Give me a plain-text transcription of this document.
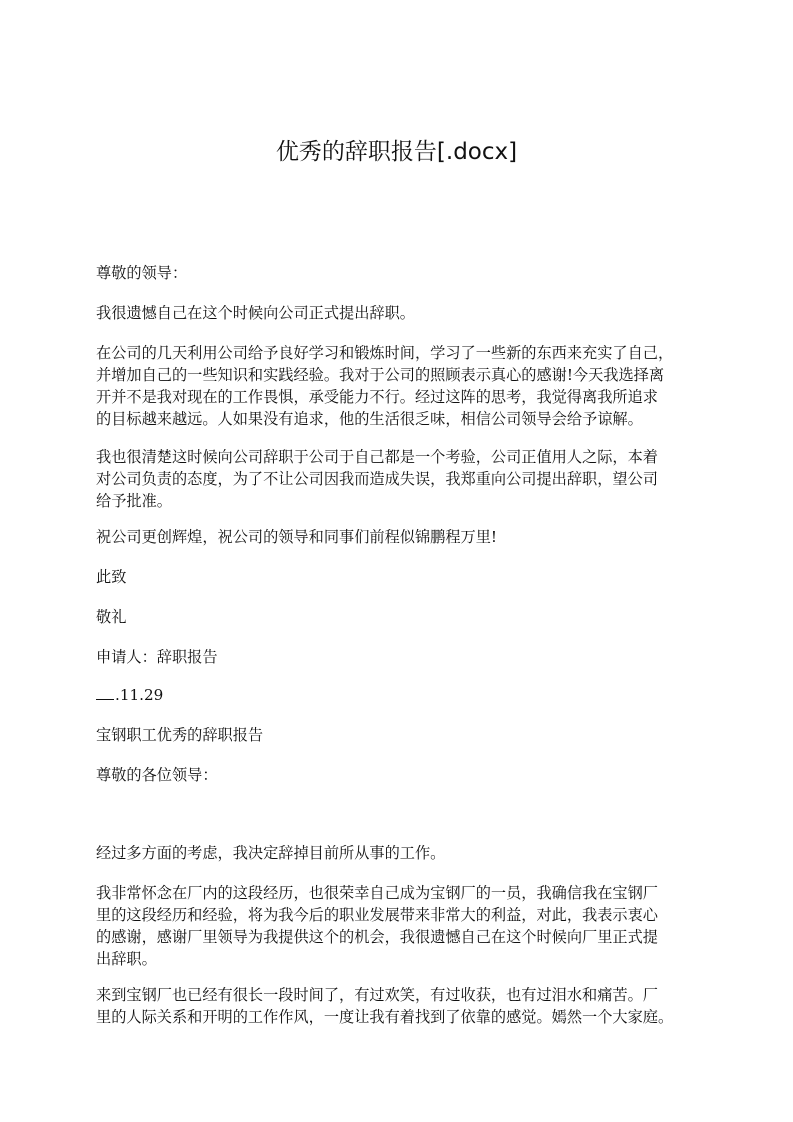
优秀的辞职报告[.docx]

尊敬的领导：

我很遗憾自己在这个时候向公司正式提出辞职。

在公司的几天利用公司给予良好学习和锻炼时间，学习了一些新的东西来充实了自己，
并增加自己的一些知识和实践经验。我对于公司的照顾表示真心的感谢!今天我选择离
开并不是我对现在的工作畏惧，承受能力不行。经过这阵的思考，我觉得离我所追求
的目标越来越远。人如果没有追求，他的生活很乏味，相信公司领导会给予谅解。

我也很清楚这时候向公司辞职于公司于自己都是一个考验，公司正值用人之际，本着
对公司负责的态度，为了不让公司因我而造成失误，我郑重向公司提出辞职，望公司
给予批准。

祝公司更创辉煌，祝公司的领导和同事们前程似锦鹏程万里!

此致

敬礼

申请人：辞职报告

.11.29

宝钢职工优秀的辞职报告

尊敬的各位领导：

经过多方面的考虑，我决定辞掉目前所从事的工作。

我非常怀念在厂内的这段经历，也很荣幸自己成为宝钢厂的一员，我确信我在宝钢厂
里的这段经历和经验，将为我今后的职业发展带来非常大的利益，对此，我表示衷心
的感谢，感谢厂里领导为我提供这个的机会，我很遗憾自己在这个时候向厂里正式提
出辞职。

来到宝钢厂也已经有很长一段时间了，有过欢笑，有过收获，也有过泪水和痛苦。厂
里的人际关系和开明的工作作风，一度让我有着找到了依靠的感觉。嫣然一个大家庭。
